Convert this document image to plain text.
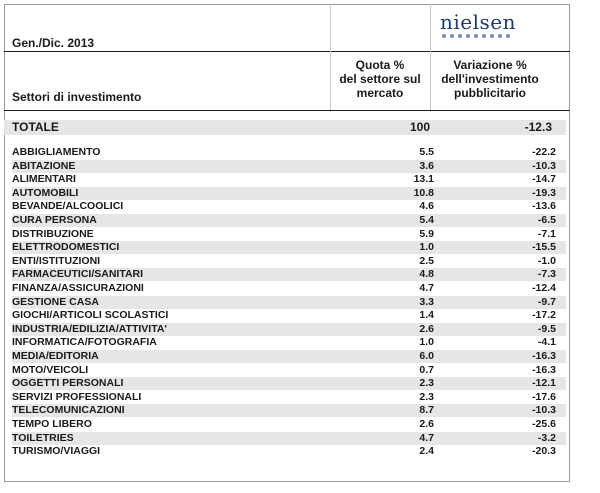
Gen./Dic. 2013
nielsen
Quota %
del settore sul
mercato
Variazione %
dell'investimento
pubblicitario
Settori di investimento
TOTALE	100	-12.3
ABBIGLIAMENTO	5.5	-22.2
ABITAZIONE	3.6	-10.3
ALIMENTARI	13.1	-14.7
AUTOMOBILI	10.8	-19.3
BEVANDE/ALCOOLICI	4.6	-13.6
CURA PERSONA	5.4	-6.5
DISTRIBUZIONE	5.9	-7.1
ELETTRODOMESTICI	1.0	-15.5
ENTI/ISTITUZIONI	2.5	-1.0
FARMACEUTICI/SANITARI	4.8	-7.3
FINANZA/ASSICURAZIONI	4.7	-12.4
GESTIONE CASA	3.3	-9.7
GIOCHI/ARTICOLI SCOLASTICI	1.4	-17.2
INDUSTRIA/EDILIZIA/ATTIVITA'	2.6	-9.5
INFORMATICA/FOTOGRAFIA	1.0	-4.1
MEDIA/EDITORIA	6.0	-16.3
MOTO/VEICOLI	0.7	-16.3
OGGETTI PERSONALI	2.3	-12.1
SERVIZI PROFESSIONALI	2.3	-17.6
TELECOMUNICAZIONI	8.7	-10.3
TEMPO LIBERO	2.6	-25.6
TOILETRIES	4.7	-3.2
TURISMO/VIAGGI	2.4	-20.3
